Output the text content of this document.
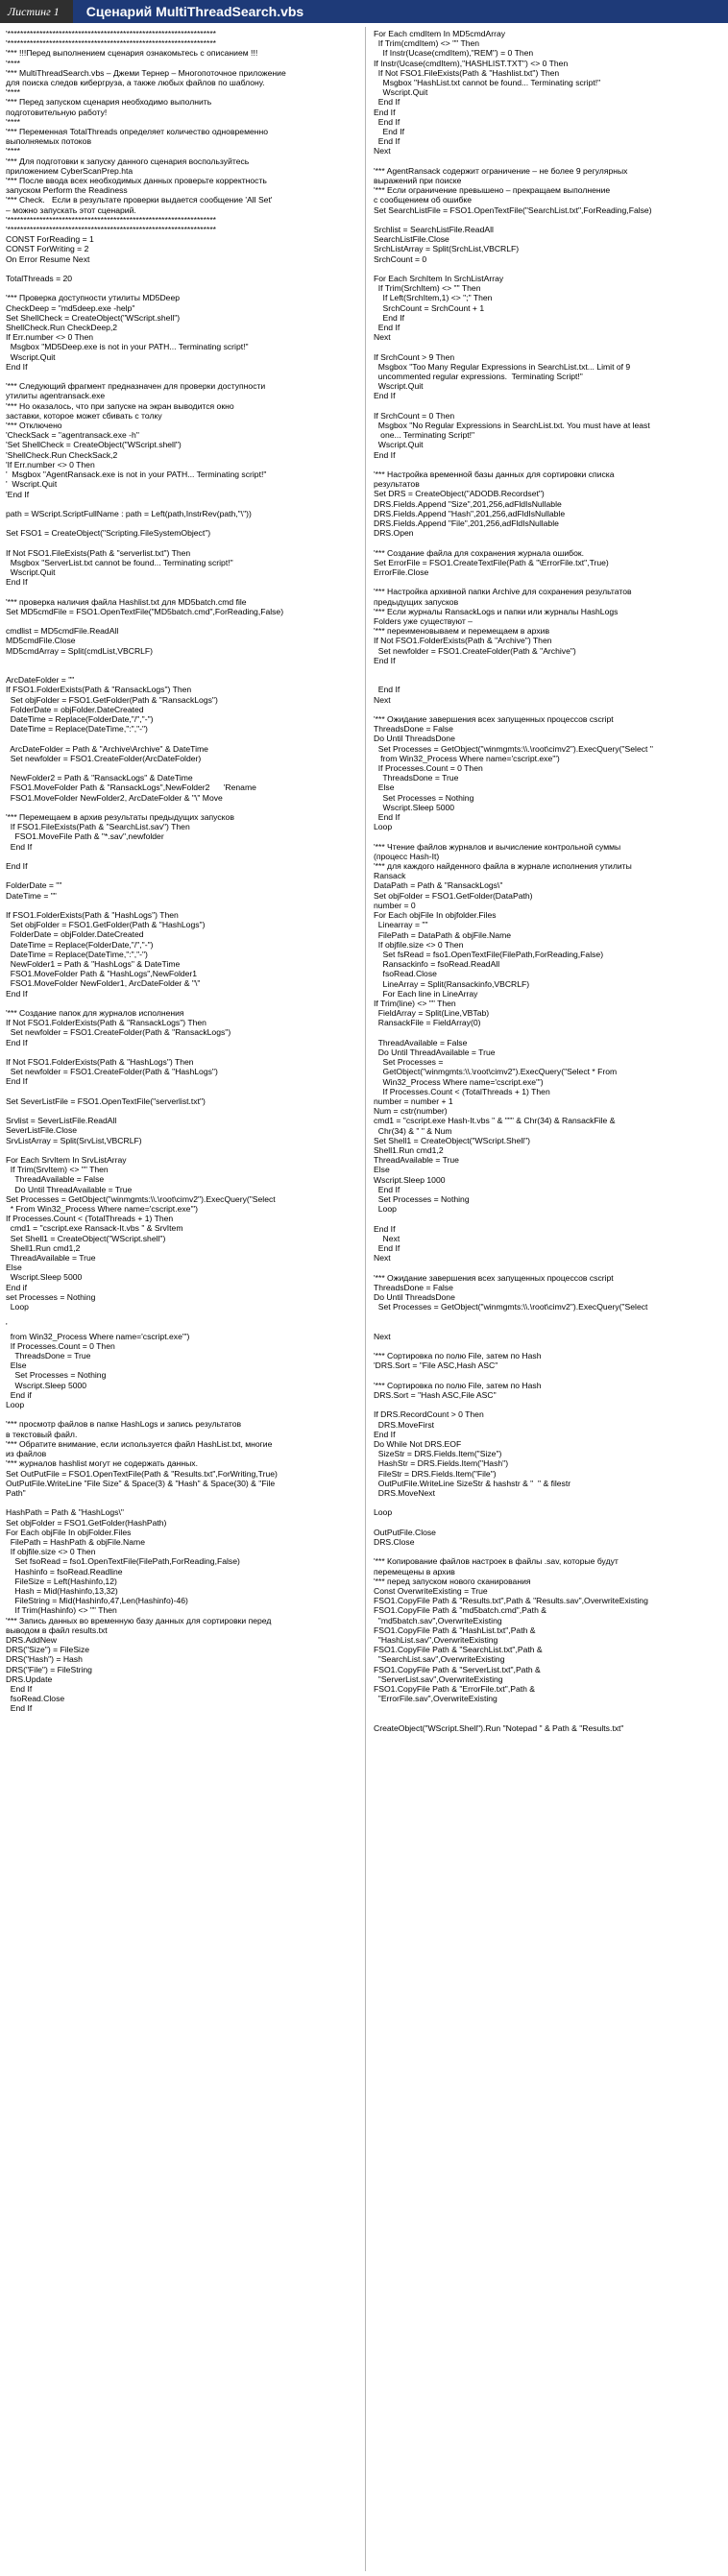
Листинг 1	Сценарий MultiThreadSearch.vbs
'*****************************************************************
'*****************************************************************
'*** !!!Перед выполнением сценария ознакомьтесь с описанием !!!
'****
'*** MultiThreadSearch.vbs – Джеми Тернер – Многопоточное приложение
для поиска следов кибергруза, а также любых файлов по шаблону.
'****
'*** Перед запуском сценария необходимо выполнить
подготовительную работу!
'****
'*** Переменная TotalThreads определяет количество одновременно
выполняемых потоков
'****
'*** Для подготовки к запуску данного сценария воспользуйтесь
приложением CyberScanPrep.hta
'*** После ввода всех необходимых данных проверьте корректность
запуском Perform the Readiness
'*** Check.   Если в результате проверки выдается сообщение 'All Set'
– можно запускать этот сценарий.
'*****************************************************************
'*****************************************************************
CONST ForReading = 1
CONST ForWriting = 2
On Error Resume Next
TotalThreads = 20
'*** Проверка доступности утилиты MD5Deep
CheckDeep = "md5deep.exe -help"
Set ShellCheck = CreateObject("WScript.shell")
ShellCheck.Run CheckDeep,2
If Err.number <> 0 Then
Msgbox "MD5Deep.exe is not in your PATH... Terminating script!"
Wscript.Quit
End If
'*** Следующий фрагмент предназначен для проверки доступности
утилиты agentransack.exe
'*** Но оказалось, что при запуске на экран выводится окно
заставки, которое может сбивать с толку
'*** Отключено
'CheckSack = "agentransack.exe -h"
'Set ShellCheck = CreateObject("WScript.shell")
'ShellCheck.Run CheckSack,2
'If Err.number <> 0 Then
'  Msgbox "AgentRansack.exe is not in your PATH... Terminating script!"
'  Wscript.Quit
'End If
path = WScript.ScriptFullName : path = Left(path,InstrRev(path,"\"))
Set FSO1 = CreateObject("Scripting.FileSystemObject")
If Not FSO1.FileExists(Path & "serverlist.txt") Then
Msgbox "ServerList.txt cannot be found... Terminating script!"
Wscript.Quit
End If
'*** проверка наличия файла Hashlist.txt для MD5batch.cmd file
Set MD5cmdFile = FSO1.OpenTextFile("MD5batch.cmd",ForReading,False)
cmdlist = MD5cmdFile.ReadAll
MD5cmdFile.Close
MD5cmdArray = Split(cmdList,VBCRLF)
ArcDateFolder = ""
If FSO1.FolderExists(Path & "RansackLogs") Then
Set objFolder = FSO1.GetFolder(Path & "RansackLogs")
FolderDate = objFolder.DateCreated
DateTime = Replace(FolderDate,"/","-")
DateTime = Replace(DateTime,":","-")
ArcDateFolder = Path & "Archive\Archive" & DateTime
Set newfolder = FSO1.CreateFolder(ArcDateFolder)
NewFolder2 = Path & "RansackLogs" & DateTime
FSO1.MoveFolder Path & "RansackLogs",NewFolder2      'Rename
FSO1.MoveFolder NewFolder2, ArcDateFolder & "\" Move
'*** Перемещаем в архив результаты предыдущих запусков
If FSO1.FileExists(Path & "SearchList.sav") Then
FSO1.MoveFile Path & "*.sav",newfolder
End If
End If
FolderDate = ""
DateTime = ""
If FSO1.FolderExists(Path & "HashLogs") Then
Set objFolder = FSO1.GetFolder(Path & "HashLogs")
FolderDate = objFolder.DateCreated
DateTime = Replace(FolderDate,"/","-")
DateTime = Replace(DateTime,":","-")
NewFolder1 = Path & "HashLogs" & DateTime
FSO1.MoveFolder Path & "HashLogs",NewFolder1
FSO1.MoveFolder NewFolder1, ArcDateFolder & "\"
End If
'*** Создание папок для журналов исполнения
If Not FSO1.FolderExists(Path & "RansackLogs") Then
Set newfolder = FSO1.CreateFolder(Path & "RansackLogs")
End If
If Not FSO1.FolderExists(Path & "HashLogs") Then
Set newfolder = FSO1.CreateFolder(Path & "HashLogs")
End If
Set SeverListFile = FSO1.OpenTextFile("serverlist.txt")
Srvlist = SeverListFile.ReadAll
SeverListFile.Close
SrvListArray = Split(SrvList,VBCRLF)
For Each SrvItem In SrvListArray
If Trim(SrvItem) <> "" Then
ThreadAvailable = False
Do Until ThreadAvailable = True
Set Processes = GetObject("winmgmts:\\.\root\cimv2").ExecQuery("Select
* From Win32_Process Where name='cscript.exe'")
If Processes.Count < (TotalThreads + 1) Then
cmd1 = "cscript.exe Ransack-It.vbs " & SrvItem
Set Shell1 = CreateObject("WScript.shell")
Shell1.Run cmd1,2
ThreadAvailable = True
Else
Wscript.Sleep 5000
End if
set Processes = Nothing
Loop
'
from Win32_Process Where name='cscript.exe'")
If Processes.Count = 0 Then
ThreadsDone = True
Else
Set Processes = Nothing
Wscript.Sleep 5000
End if
Loop
'*** просмотр файлов в папке HashLogs и запись результатов
в текстовый файл.
'*** Обратите внимание, если используется файл HashList.txt, многие
из файлов
'*** журналов hashlist могут не содержать данных.
Set OutPutFile = FSO1.OpenTextFile(Path & "Results.txt",ForWriting,True)
OutPutFile.WriteLine "File Size" & Space(3) & "Hash" & Space(30) & "File
Path"
HashPath = Path & "HashLogs\"
Set objFolder = FSO1.GetFolder(HashPath)
For Each objFile In objFolder.Files
FilePath = HashPath & objFile.Name
If objfile.size <> 0 Then
Set fsoRead = fso1.OpenTextFile(FilePath,ForReading,False)
Hashinfo = fsoRead.Readline
FileSize = Left(Hashinfo,12)
Hash = Mid(Hashinfo,13,32)
FileString = Mid(Hashinfo,47,Len(Hashinfo)-46)
If Trim(Hashinfo) <> "" Then
'*** Запись данных во временную базу данных для сортировки перед
выводом в файл results.txt
DRS.AddNew
DRS("Size") = FileSize
DRS("Hash") = Hash
DRS("File") = FileString
DRS.Update
End If
fsoRead.Close
End If
For Each cmdItem In MD5cmdArray
If Trim(cmdItem) <> "" Then
If Instr(Ucase(cmdItem),"REM") = 0 Then
If Instr(Ucase(cmdItem),"HASHLIST.TXT") <> 0 Then
If Not FSO1.FileExists(Path & "Hashlist.txt") Then
Msgbox "HashList.txt cannot be found... Terminating script!"
Wscript.Quit
End If
End If
End If
End If
End If
Next
'*** AgentRansack содержит ограничение – не более 9 регулярных
выражений при поиске
'*** Если ограничение превышено – прекращаем выполнение
с сообщением об ошибке
Set SearchListFile = FSO1.OpenTextFile("SearchList.txt",ForReading,False)
Srchlist = SearchListFile.ReadAll
SearchListFile.Close
SrchListArray = Split(SrchList,VBCRLF)
SrchCount = 0
For Each SrchItem In SrchListArray
If Trim(SrchItem) <> "" Then
If Left(SrchItem,1) <> ";" Then
SrchCount = SrchCount + 1
End If
End If
Next
If SrchCount > 9 Then
Msgbox "Too Many Regular Expressions in SearchList.txt... Limit of 9
uncommented regular expressions.  Terminating Script!"
Wscript.Quit
End If
If SrchCount = 0 Then
Msgbox "No Regular Expressions in SearchList.txt. You must have at least
one... Terminating Script!"
Wscript.Quit
End If
'*** Настройка временной базы данных для сортировки списка
результатов
Set DRS = CreateObject("ADODB.Recordset")
DRS.Fields.Append "Size",201,256,adFldIsNullable
DRS.Fields.Append "Hash",201,256,adFldIsNullable
DRS.Fields.Append "File",201,256,adFldIsNullable
DRS.Open
'*** Создание файла для сохранения журнала ошибок.
Set ErrorFile = FSO1.CreateTextFile(Path & "\ErrorFile.txt",True)
ErrorFile.Close
'*** Настройка архивной папки Archive для сохранения результатов
предыдущих запусков
'*** Если журналы RansackLogs и папки или журналы HashLogs
Folders уже существуют –
'*** переименовываем и перемещаем в архив
If Not FSO1.FolderExists(Path & "Archive") Then
Set newfolder = FSO1.CreateFolder(Path & "Archive")
End If
End If
Next
'*** Ожидание завершения всех запущенных процессов cscript
ThreadsDone = False
Do Until ThreadsDone
Set Processes = GetObject("winmgmts:\\.\root\cimv2").ExecQuery("Select "
from Win32_Process Where name='cscript.exe'")
If Processes.Count = 0 Then
ThreadsDone = True
Else
Set Processes = Nothing
Wscript.Sleep 5000
End If
Loop
'*** Чтение файлов журналов и вычисление контрольной суммы
(процесс Hash-It)
'*** для каждого найденного файла в журнале исполнения утилиты
Ransack
DataPath = Path & "RansackLogs\"
Set objFolder = FSO1.GetFolder(DataPath)
number = 0
For Each objFile In objfolder.Files
Linearray = ""
FilePath = DataPath & objFile.Name
If objfile.size <> 0 Then
Set fsRead = fso1.OpenTextFile(FilePath,ForReading,False)
Ransackinfo = fsoRead.ReadAll
fsoRead.Close
LineArray = Split(Ransackinfo,VBCRLF)
For Each line in LineArray
If Trim(line) <> "" Then
FieldArray = Split(Line,VBTab)
RansackFile = FieldArray(0)
ThreadAvailable = False
Do Until ThreadAvailable = True
Set Processes =
GetObject("winmgmts:\\.\root\cimv2").ExecQuery("Select * From
Win32_Process Where name='cscript.exe'")
If Processes.Count < (TotalThreads + 1) Then
number = number + 1
Num = cstr(number)
cmd1 = "cscript.exe Hash-It.vbs " & """ & Chr(34) & RansackFile &
Chr(34) & " " & Num
Set Shell1 = CreateObject("WScript.Shell")
Shell1.Run cmd1,2
ThreadAvailable = True
Else
Wscript.Sleep 1000
End If
Set Processes = Nothing
Loop
End If
Next
End If
Next
'*** Ожидание завершения всех запущенных процессов cscript
ThreadsDone = False
Do Until ThreadsDone
Set Processes = GetObject("winmgmts:\\.\root\cimv2").ExecQuery("Select
Next
'*** Сортировка по полю File, затем по Hash
'DRS.Sort = "File ASC,Hash ASC"
'*** Сортировка по полю File, затем по Hash
DRS.Sort = "Hash ASC,File ASC"
If DRS.RecordCount > 0 Then
DRS.MoveFirst
End If
Do While Not DRS.EOF
SizeStr = DRS.Fields.Item("Size")
HashStr = DRS.Fields.Item("Hash")
FileStr = DRS.Fields.Item("File")
OutPutFile.WriteLine SizeStr & hashstr & "  " & filestr
DRS.MoveNext
Loop
OutPutFile.Close
DRS.Close
'*** Копирование файлов настроек в файлы .sav, которые будут
перемещены в архив
'*** перед запуском нового сканирования
Const OverwriteExisting = True
FSO1.CopyFile Path & "Results.txt",Path & "Results.sav",OverwriteExisting
FSO1.CopyFile Path & "md5batch.cmd",Path &
"md5batch.sav",OverwriteExisting
FSO1.CopyFile Path & "HashList.txt",Path &
"HashList.sav",OverwriteExisting
FSO1.CopyFile Path & "SearchList.txt",Path &
"SearchList.sav",OverwriteExisting
FSO1.CopyFile Path & "ServerList.txt",Path &
"ServerList.sav",OverwriteExisting
FSO1.CopyFile Path & "ErrorFile.txt",Path &
"ErrorFile.sav",OverwriteExisting
CreateObject("WScript.Shell").Run "Notepad " & Path & "Results.txt"
